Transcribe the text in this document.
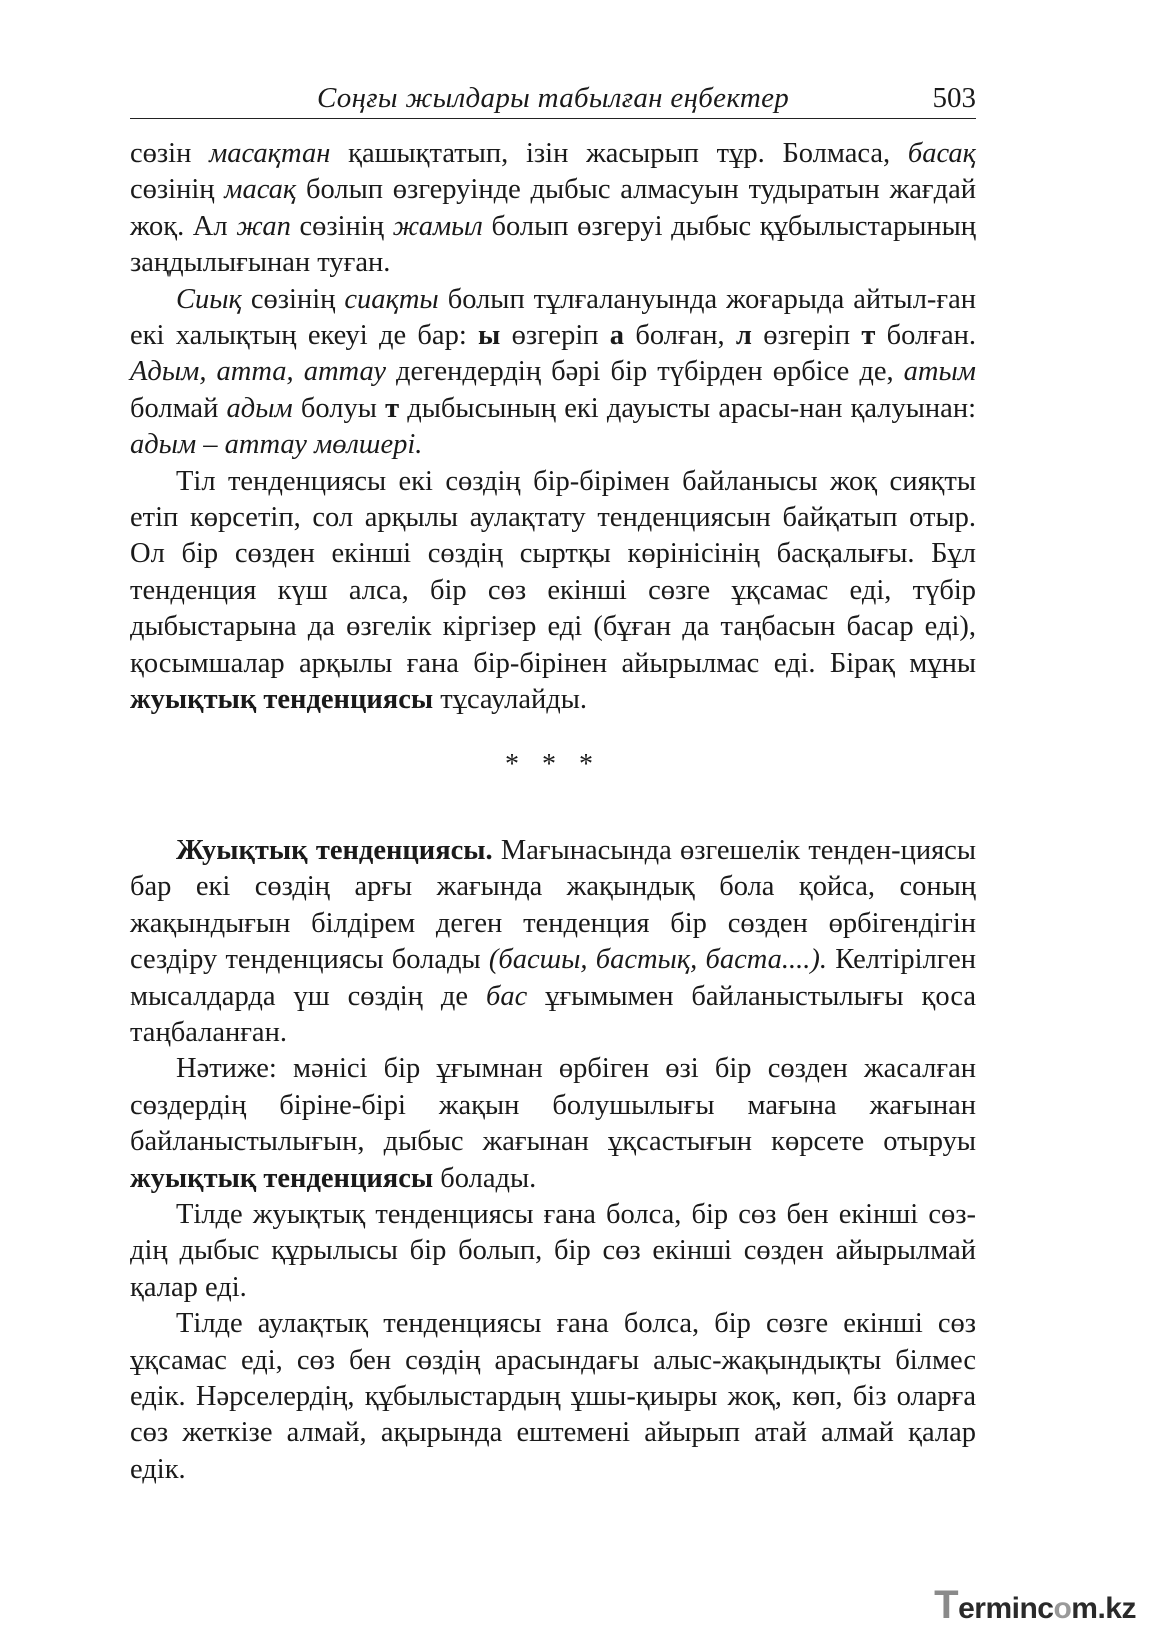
Соңғы жылдары табылған еңбектер	503

сөзін масақтан қашықтатып, ізін жасырып тұр. Болмаса, басақ сөзінің масақ болып өзгеруінде дыбыс алмасуын тудыратын жағдай жоқ. Ал жап сөзінің жамыл болып өзгеруі дыбыс құбылыстарының заңдылығынан туған.

Сиық сөзінің сиақты болып тұлғалануында жоғарыда айтыл-ған екі халықтың екеуі де бар: ы өзгеріп а болған, л өзгеріп т болған. Адым, атта, аттау дегендердің бәрі бір түбірден өрбісе де, атым болмай адым болуы т дыбысының екі дауысты арасы-нан қалуынан: адым – аттау мөлшері.

Тіл тенденциясы екі сөздің бір-бірімен байланысы жоқ сияқты етіп көрсетіп, сол арқылы аулақтату тенденциясын байқатып отыр. Ол бір сөзден екінші сөздің сыртқы көрінісінің басқалығы. Бұл тенденция күш алса, бір сөз екінші сөзге ұқсамас еді, түбір дыбыстарына да өзгелік кіргізер еді (бұған да таңбасын басар еді), қосымшалар арқылы ғана бір-бірінен айырылмас еді. Бірақ мұны жуықтық тенденциясы тұсаулайды.

* * *

Жуықтық тенденциясы. Мағынасында өзгешелік тенден-циясы бар екі сөздің арғы жағында жақындық бола қойса, соның жақындығын білдірем деген тенденция бір сөзден өрбігендігін сездіру тенденциясы болады (басшы, бастық, баста....). Келтірілген мысалдарда үш сөздің де бас ұғымымен байланыстылығы қоса таңбаланған.

Нәтиже: мәнісі бір ұғымнан өрбіген өзі бір сөзден жасалған сөздердің біріне-бірі жақын болушылығы мағына жағынан байланыстылығын, дыбыс жағынан ұқсастығын көрсете отыруы жуықтық тенденциясы болады.

Тілде жуықтық тенденциясы ғана болса, бір сөз бен екінші сөз-дің дыбыс құрылысы бір болып, бір сөз екінші сөзден айырылмай қалар еді.

Тілде аулақтық тенденциясы ғана болса, бір сөзге екінші сөз ұқсамас еді, сөз бен сөздің арасындағы алыс-жақындықты білмес едік. Нәрселердің, құбылыстардың ұшы-қиыры жоқ, көп, біз оларға сөз жеткізе алмай, ақырында ештемені айырып атай алмай қалар едік.

Termincom.kz
